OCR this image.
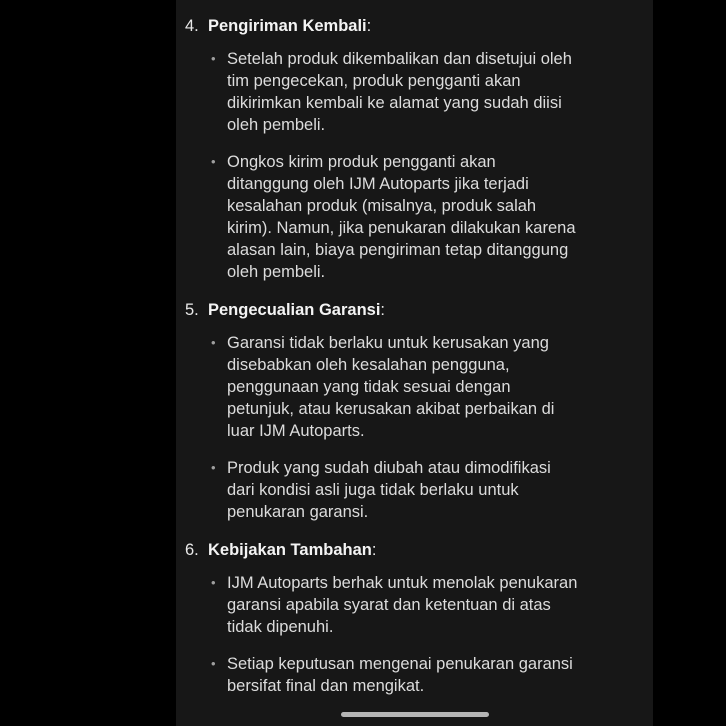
4. Pengiriman Kembali:
• Setelah produk dikembalikan dan disetujui oleh tim pengecekan, produk pengganti akan dikirimkan kembali ke alamat yang sudah diisi oleh pembeli.

• Ongkos kirim produk pengganti akan ditanggung oleh IJM Autoparts jika terjadi kesalahan produk (misalnya, produk salah kirim). Namun, jika penukaran dilakukan karena alasan lain, biaya pengiriman tetap ditanggung oleh pembeli.

5. Pengecualian Garansi:
• Garansi tidak berlaku untuk kerusakan yang disebabkan oleh kesalahan pengguna, penggunaan yang tidak sesuai dengan petunjuk, atau kerusakan akibat perbaikan di luar IJM Autoparts.

• Produk yang sudah diubah atau dimodifikasi dari kondisi asli juga tidak berlaku untuk penukaran garansi.

6. Kebijakan Tambahan:
• IJM Autoparts berhak untuk menolak penukaran garansi apabila syarat dan ketentuan di atas tidak dipenuhi.

• Setiap keputusan mengenai penukaran garansi bersifat final dan mengikat.
